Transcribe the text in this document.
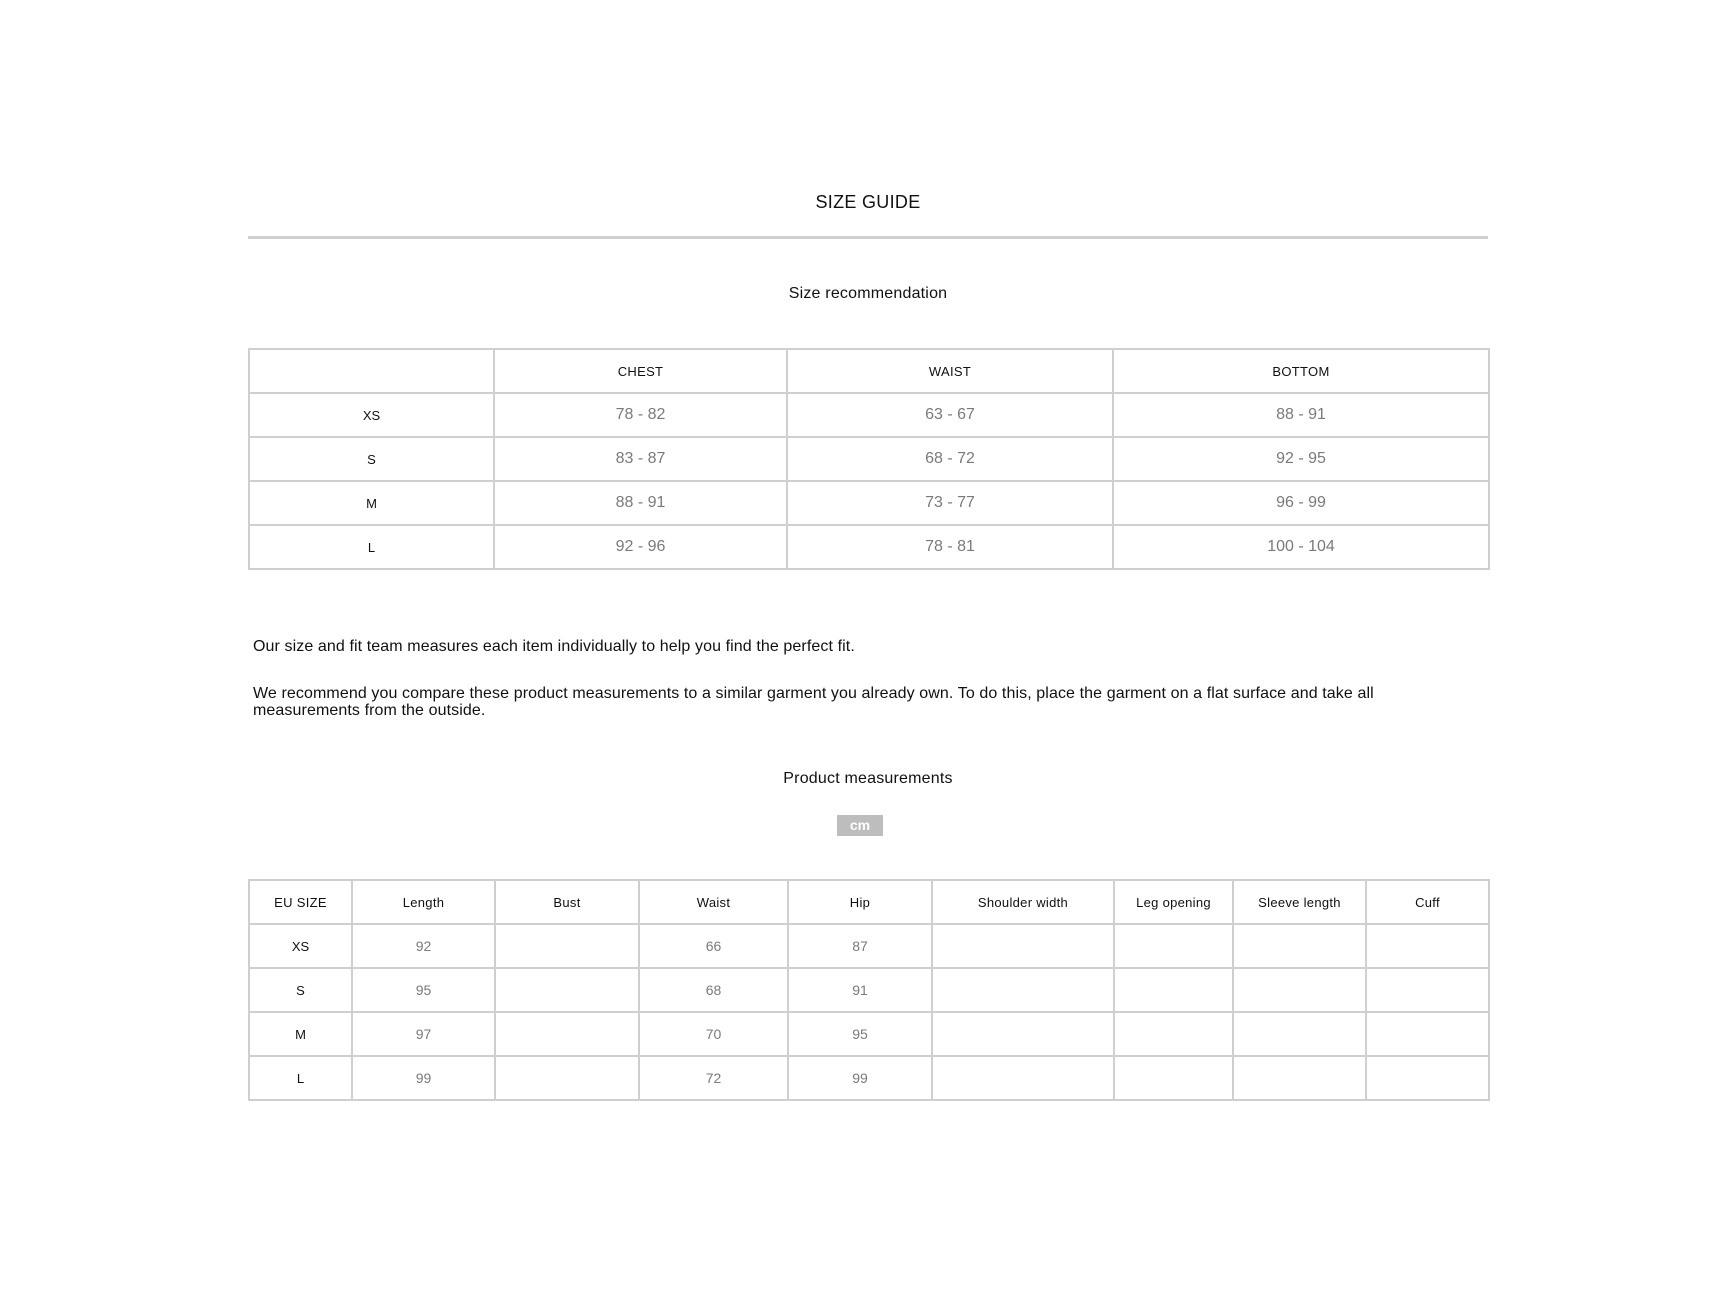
SIZE GUIDE
Size recommendation
	CHEST	WAIST	BOTTOM
XS	78 - 82	63 - 67	88 - 91
S	83 - 87	68 - 72	92 - 95
M	88 - 91	73 - 77	96 - 99
L	92 - 96	78 - 81	100 - 104
Our size and fit team measures each item individually to help you find the perfect fit.
We recommend you compare these product measurements to a similar garment you already own. To do this, place the garment on a flat surface and take all measurements from the outside.
Product measurements
cm
EU SIZE	Length	Bust	Waist	Hip	Shoulder width	Leg opening	Sleeve length	Cuff
XS	92		66	87				
S	95		68	91				
M	97		70	95				
L	99		72	99				
